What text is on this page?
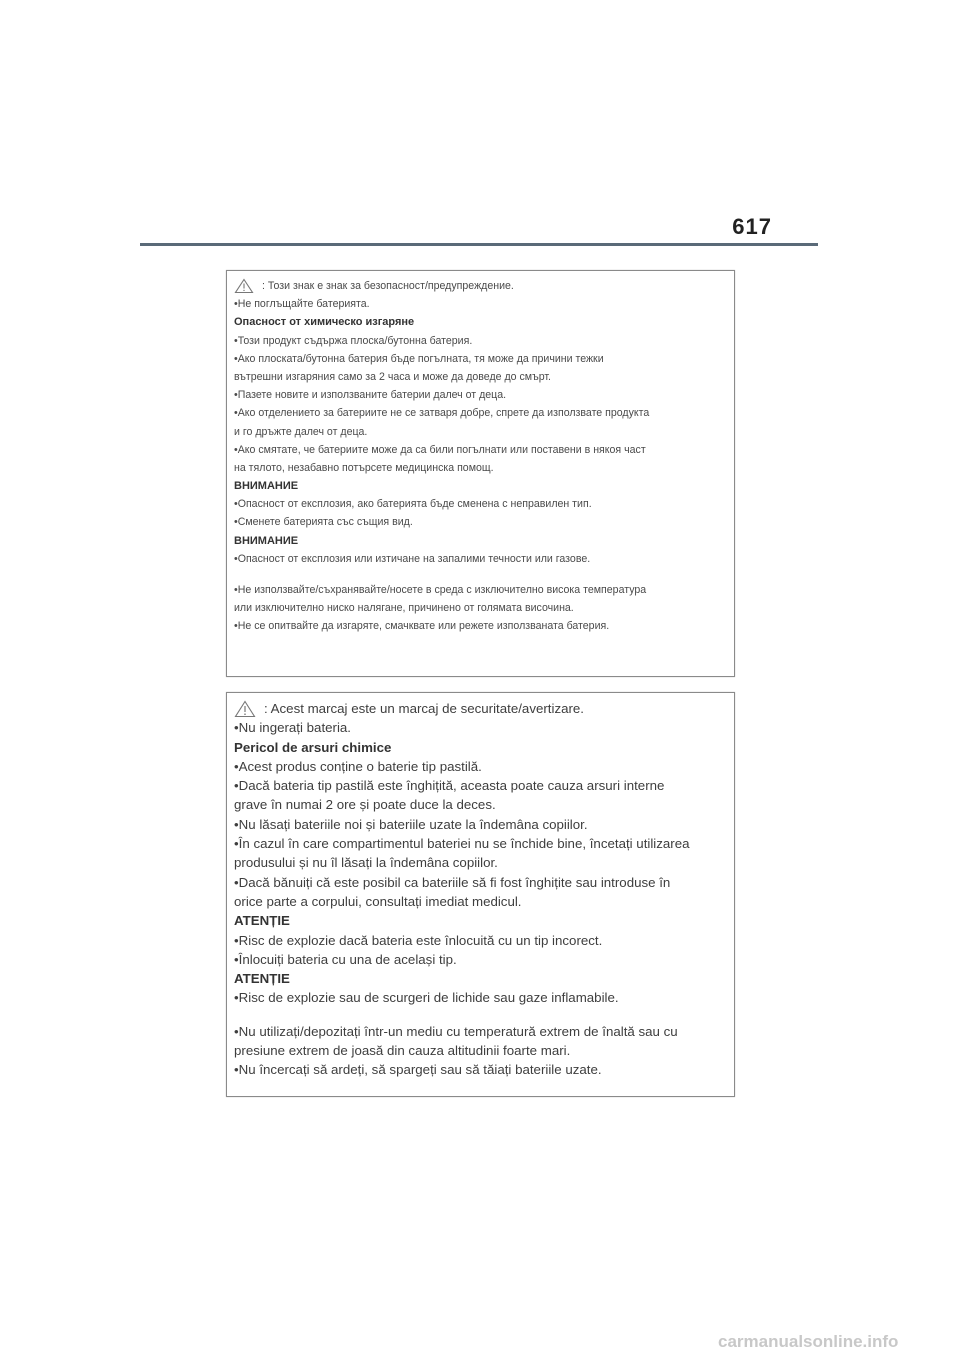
617
: Този знак е знак за безопасност/предупреждение.
•Не поглъщайте батерията.
Опасност от химическо изгаряне
•Този продукт съдържа плоска/бутонна батерия.
•Ако плоската/бутонна батерия бъде погълната, тя може да причини тежки
вътрешни изгаряния само за 2 часа и може да доведе до смърт.
•Пазете новите и използваните батерии далеч от деца.
•Ако отделението за батериите не се затваря добре, спрете да използвате продукта
и го дръжте далеч от деца.
•Ако смятате, че батериите може да са били погълнати или поставени в някоя част
на тялото, незабавно потърсете медицинска помощ.
ВНИМАНИЕ
•Опасност от експлозия, ако батерията бъде сменена с неправилен тип.
•Сменете батерията със същия вид.
ВНИМАНИЕ
•Опасност от експлозия или изтичане на запалими течности или газове.
•Не използвайте/съхранявайте/носете в среда с изключително висока температура
или изключително ниско налягане, причинено от голямата височина.
•Не се опитвайте да изгаряте, смачквате или режете използваната батерия.
: Acest marcaj este un marcaj de securitate/avertizare.
•Nu ingerați bateria.
Pericol de arsuri chimice
•Acest produs conține o baterie tip pastilă.
•Dacă bateria tip pastilă este înghițită, aceasta poate cauza arsuri interne
grave în numai 2 ore și poate duce la deces.
•Nu lăsați bateriile noi și bateriile uzate la îndemâna copiilor.
•În cazul în care compartimentul bateriei nu se închide bine, încetați utilizarea
produsului și nu îl lăsați la îndemâna copiilor.
•Dacă bănuiți că este posibil ca bateriile să fi fost înghițite sau introduse în
orice parte a corpului, consultați imediat medicul.
ATENȚIE
•Risc de explozie dacă bateria este înlocuită cu un tip incorect.
•Înlocuiți bateria cu una de același tip.
ATENȚIE
•Risc de explozie sau de scurgeri de lichide sau gaze inflamabile.
•Nu utilizați/depozitați într-un mediu cu temperatură extrem de înaltă sau cu
presiune extrem de joasă din cauza altitudinii foarte mari.
•Nu încercați să ardeți, să spargeți sau să tăiați bateriile uzate.
carmanualsonline.info
